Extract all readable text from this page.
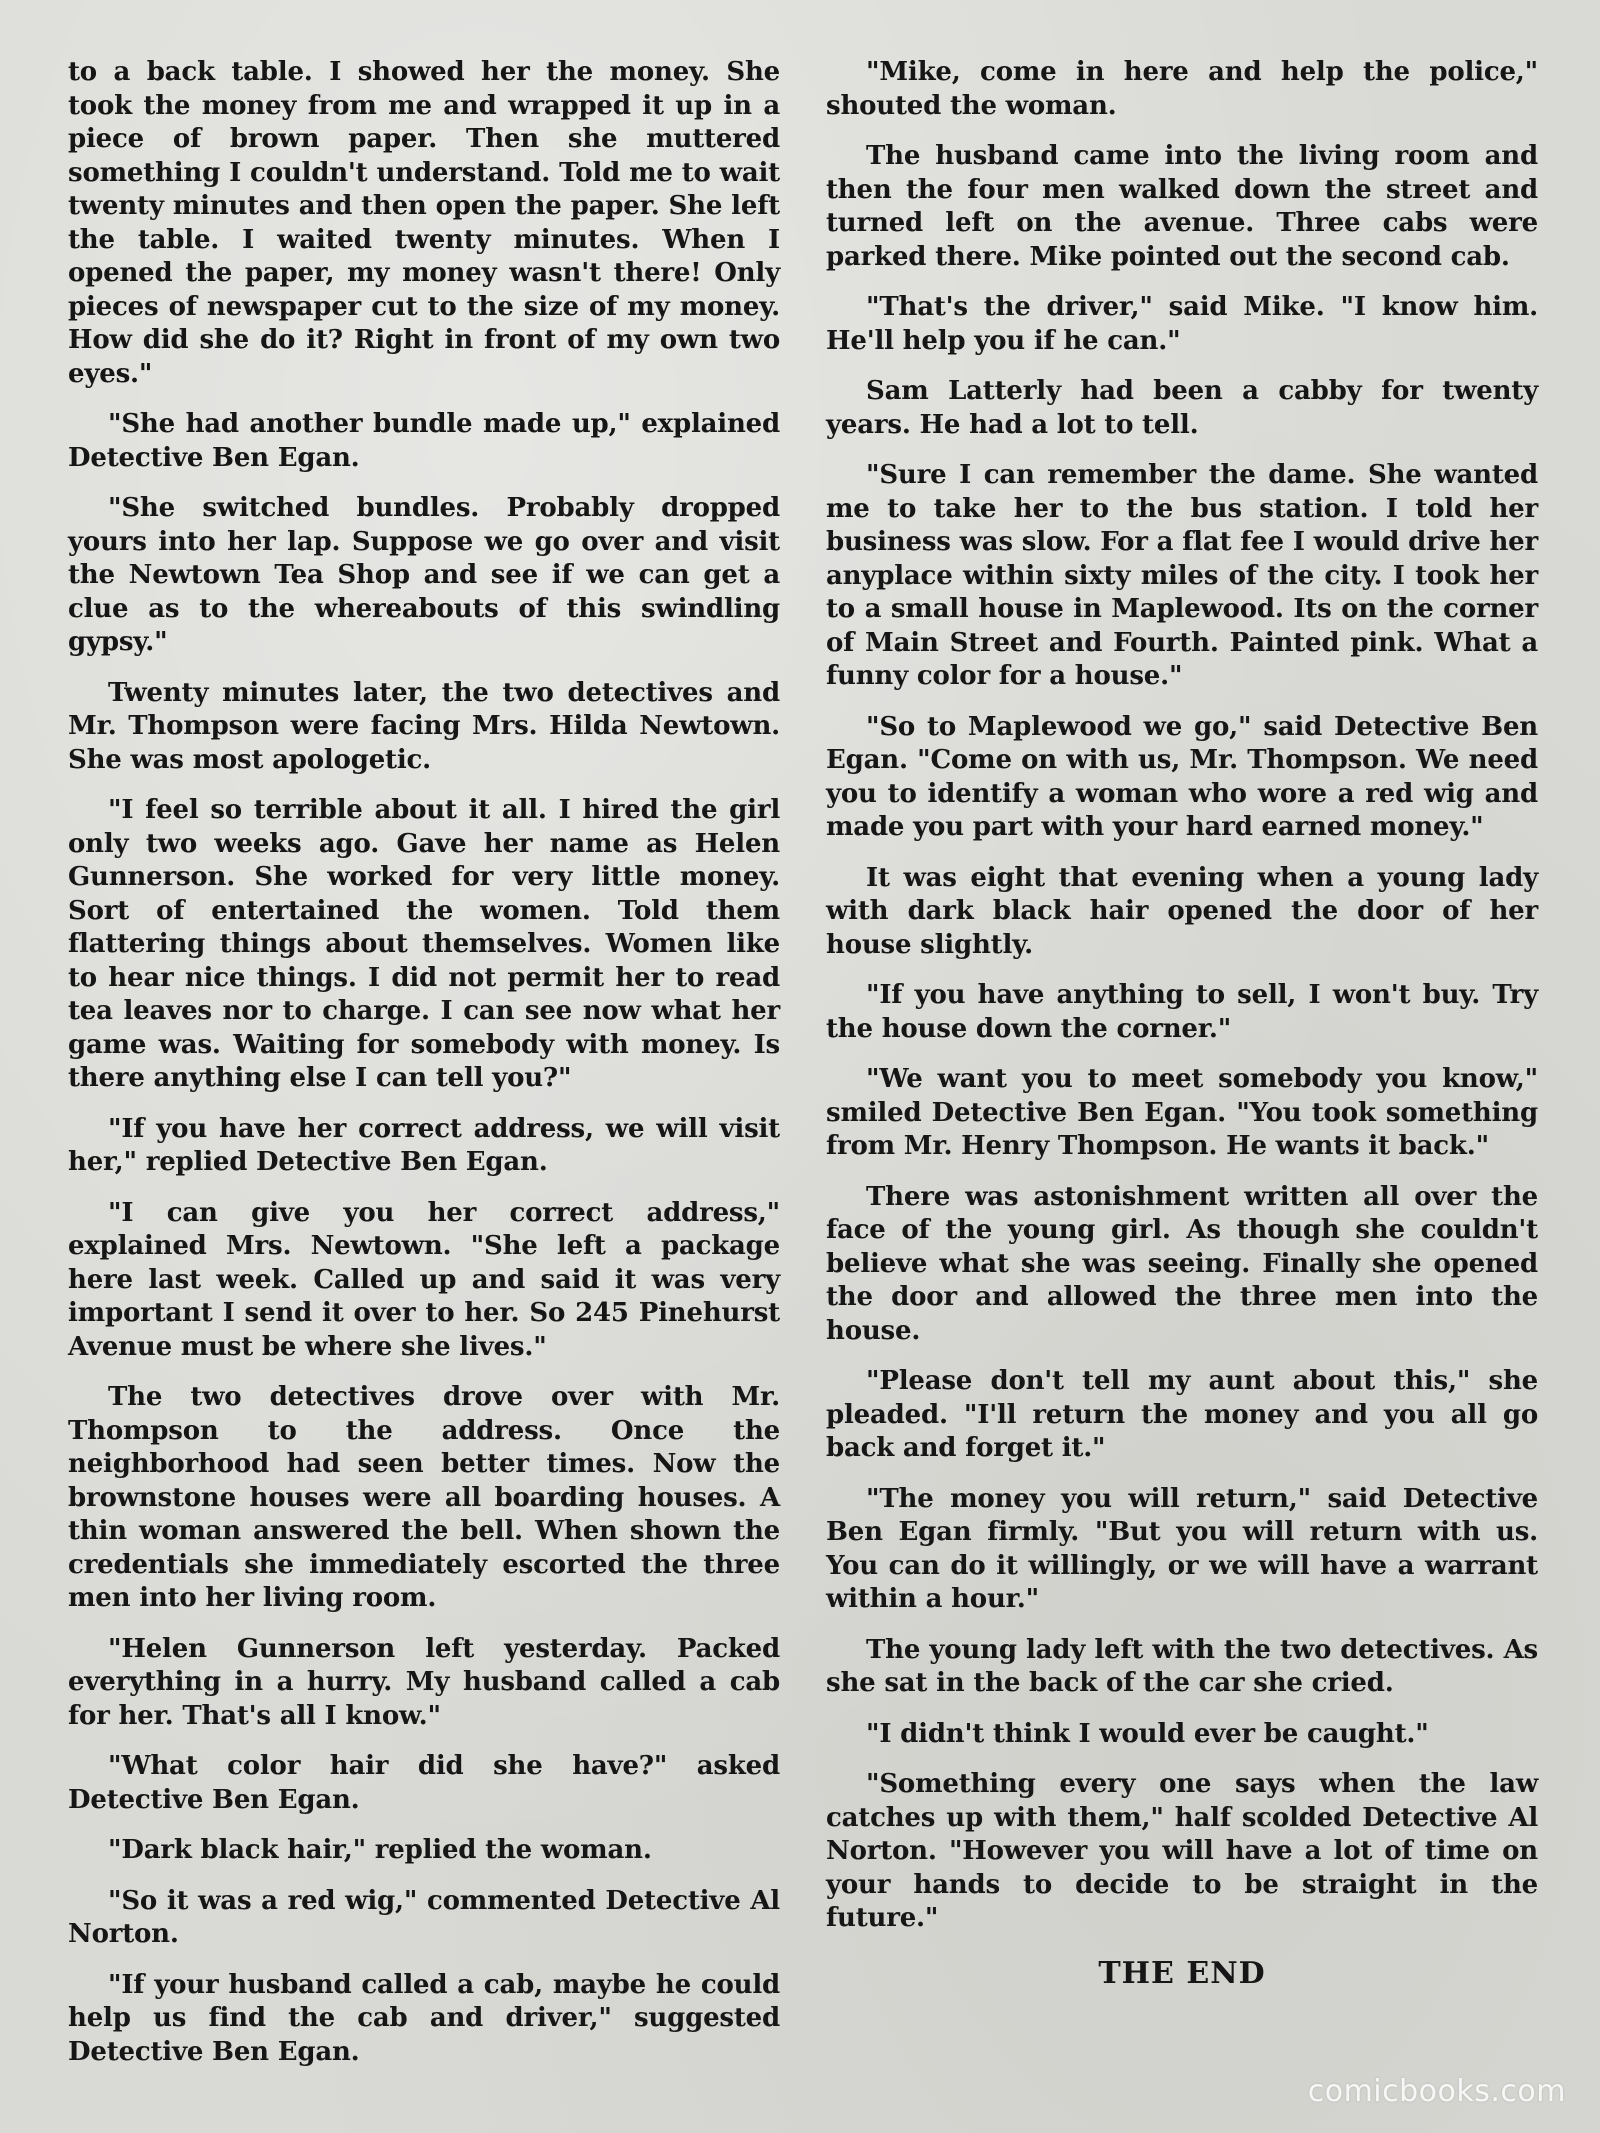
to a back table. I showed her the money. She took the money from me and wrapped it up in a piece of brown paper. Then she muttered something I couldn't understand. Told me to wait twenty minutes and then open the paper. She left the table. I waited twenty minutes. When I opened the paper, my money wasn't there! Only pieces of newspaper cut to the size of my money. How did she do it? Right in front of my own two eyes."

"She had another bundle made up," explained Detective Ben Egan.

"She switched bundles. Probably dropped yours into her lap. Suppose we go over and visit the Newtown Tea Shop and see if we can get a clue as to the whereabouts of this swindling gypsy."

Twenty minutes later, the two detectives and Mr. Thompson were facing Mrs. Hilda Newtown. She was most apologetic.

"I feel so terrible about it all. I hired the girl only two weeks ago. Gave her name as Helen Gunnerson. She worked for very little money. Sort of entertained the women. Told them flattering things about themselves. Women like to hear nice things. I did not permit her to read tea leaves nor to charge. I can see now what her game was. Waiting for somebody with money. Is there anything else I can tell you?"

"If you have her correct address, we will visit her," replied Detective Ben Egan.

"I can give you her correct address," explained Mrs. Newtown. "She left a package here last week. Called up and said it was very important I send it over to her. So 245 Pinehurst Avenue must be where she lives."

The two detectives drove over with Mr. Thompson to the address. Once the neighborhood had seen better times. Now the brownstone houses were all boarding houses. A thin woman answered the bell. When shown the credentials she immediately escorted the three men into her living room.

"Helen Gunnerson left yesterday. Packed everything in a hurry. My husband called a cab for her. That's all I know."

"What color hair did she have?" asked Detective Ben Egan.

"Dark black hair," replied the woman.

"So it was a red wig," commented Detective Al Norton.

"If your husband called a cab, maybe he could help us find the cab and driver," suggested Detective Ben Egan.

"Mike, come in here and help the police," shouted the woman.

The husband came into the living room and then the four men walked down the street and turned left on the avenue. Three cabs were parked there. Mike pointed out the second cab.

"That's the driver," said Mike. "I know him. He'll help you if he can."

Sam Latterly had been a cabby for twenty years. He had a lot to tell.

"Sure I can remember the dame. She wanted me to take her to the bus station. I told her business was slow. For a flat fee I would drive her anyplace within sixty miles of the city. I took her to a small house in Maplewood. Its on the corner of Main Street and Fourth. Painted pink. What a funny color for a house."

"So to Maplewood we go," said Detective Ben Egan. "Come on with us, Mr. Thompson. We need you to identify a woman who wore a red wig and made you part with your hard earned money."

It was eight that evening when a young lady with dark black hair opened the door of her house slightly.

"If you have anything to sell, I won't buy. Try the house down the corner."

"We want you to meet somebody you know," smiled Detective Ben Egan. "You took something from Mr. Henry Thompson. He wants it back."

There was astonishment written all over the face of the young girl. As though she couldn't believe what she was seeing. Finally she opened the door and allowed the three men into the house.

"Please don't tell my aunt about this," she pleaded. "I'll return the money and you all go back and forget it."

"The money you will return," said Detective Ben Egan firmly. "But you will return with us. You can do it willingly, or we will have a warrant within a hour."

The young lady left with the two detectives. As she sat in the back of the car she cried.

"I didn't think I would ever be caught."

"Something every one says when the law catches up with them," half scolded Detective Al Norton. "However you will have a lot of time on your hands to decide to be straight in the future."

THE END
comicbooks.com
